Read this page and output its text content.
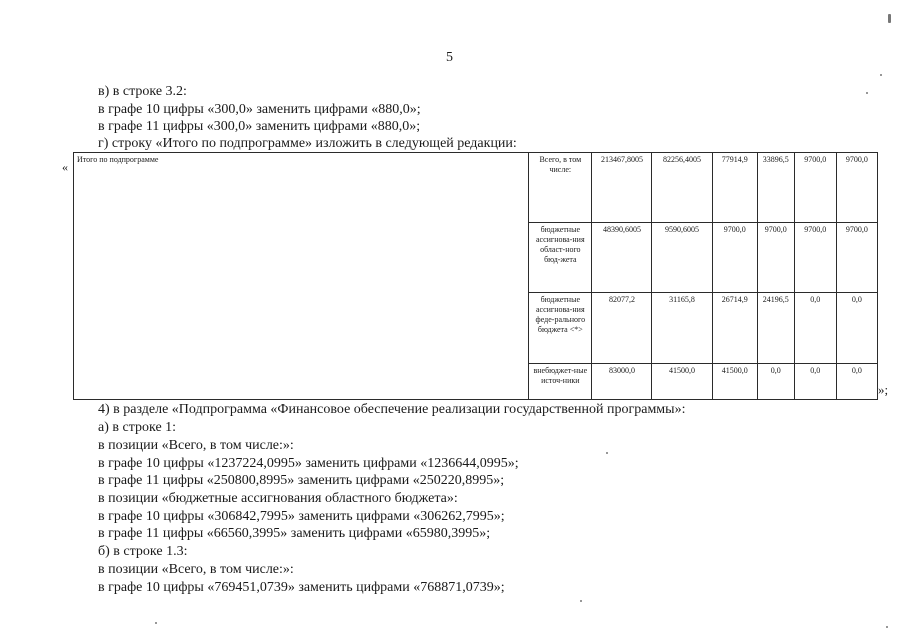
5
в) в строке 3.2:
в графе 10 цифры «300,0» заменить цифрами «880,0»;
в графе 11 цифры «300,0» заменить цифрами «880,0»;
г) строку «Итого по подпрограмме» изложить в следующей редакции:
«
Итого по подпрограмме	Всего, в том числе:	213467,8005	82256,4005	77914,9	33896,5	9700,0	9700,0
	бюджетные ассигнова-ния област-ного бюд-жета	48390,6005	9590,6005	9700,0	9700,0	9700,0	9700,0
	бюджетные ассигнова-ния феде-рального бюджета <*>	82077,2	31165,8	26714,9	24196,5	0,0	0,0
	внебюджет-ные источ-ники	83000,0	41500,0	41500,0	0,0	0,0	0,0
»;
4) в разделе «Подпрограмма «Финансовое обеспечение реализации государственной программы»:
а) в строке 1:
в позиции «Всего, в том числе:»:
в графе 10 цифры «1237224,0995» заменить цифрами «1236644,0995»;
в графе 11 цифры «250800,8995» заменить цифрами «250220,8995»;
в позиции «бюджетные ассигнования областного бюджета»:
в графе 10 цифры «306842,7995» заменить цифрами «306262,7995»;
в графе 11 цифры «66560,3995» заменить цифрами «65980,3995»;
б) в строке 1.3:
в позиции «Всего, в том числе:»:
в графе 10 цифры «769451,0739» заменить цифрами «768871,0739»;
